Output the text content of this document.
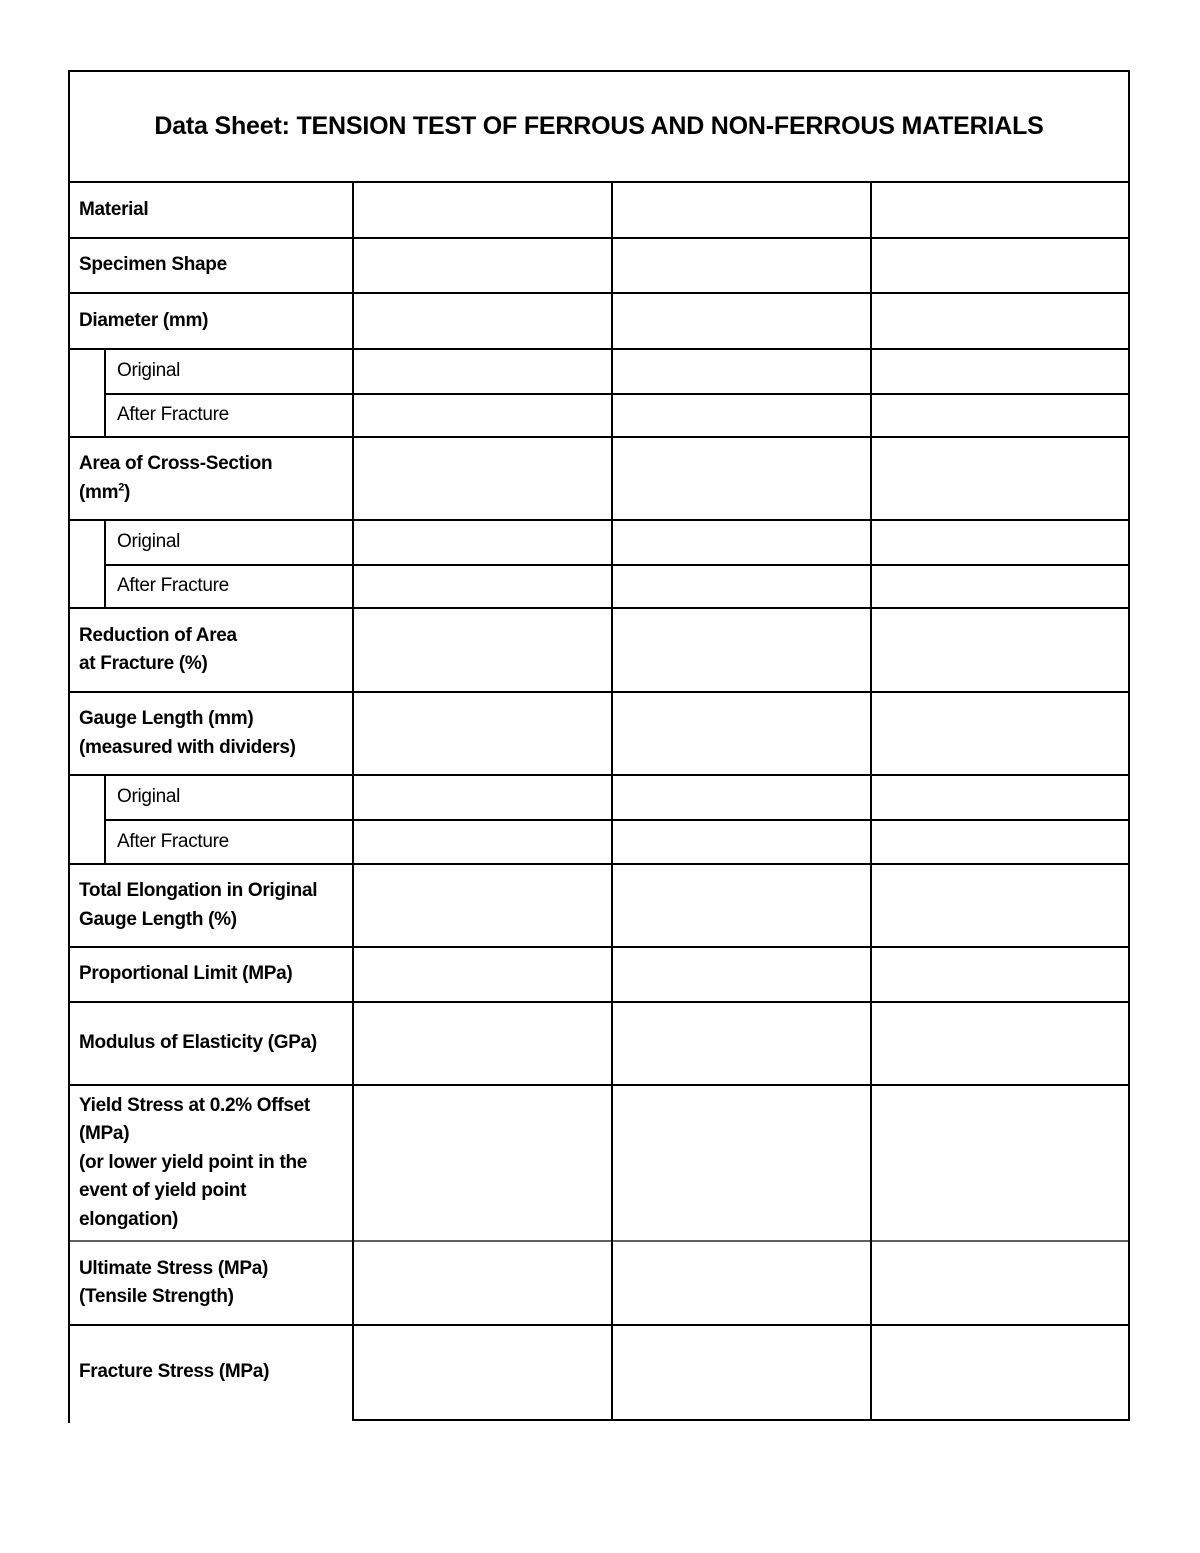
Data Sheet: TENSION TEST OF FERROUS AND NON-FERROUS MATERIALS
Material
Specimen Shape
Diameter (mm)
Original
After Fracture
Area of Cross-Section
$(mm^2)$
Original
After Fracture
Reduction of Area
at Fracture (%)
Gauge Length (mm)
(measured with dividers)
Original
After Fracture
Total Elongation in Original
Gauge Length (%)
Proportional Limit (MPa)
Modulus of Elasticity (GPa)
Yield Stress at 0.2% Offset
(MPa)
(or lower yield point in the
event of yield point
elongation)
Ultimate Stress (MPa)
(Tensile Strength)
Fracture Stress (MPa)
